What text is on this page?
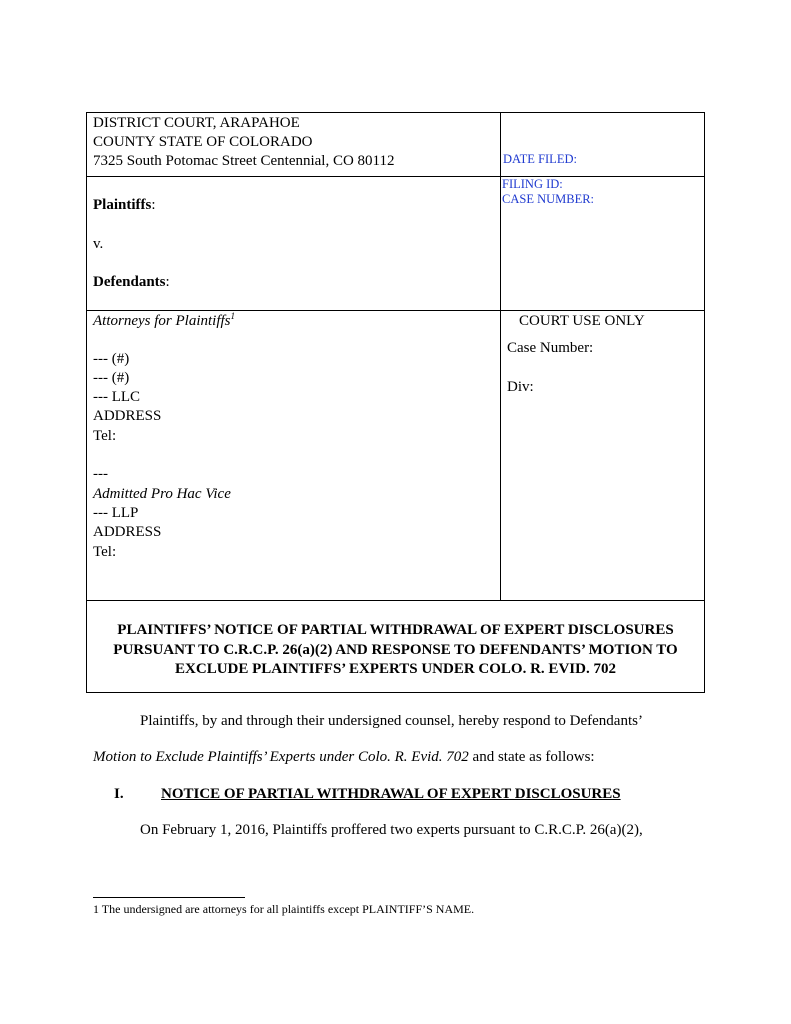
DISTRICT COURT, ARAPAHOE
COUNTY STATE OF COLORADO
7325 South Potomac Street Centennial, CO 80112	DATE FILED:
FILING ID:
CASE NUMBER:
Plaintiffs:
v.
Defendants:
Attorneys for Plaintiffs$^1$
--- (#)
--- (#)
--- LLC
ADDRESS
Tel:
---
Admitted Pro Hac Vice
--- LLP
ADDRESS
Tel:
COURT USE ONLY
Case Number:
Div:
PLAINTIFFS’ NOTICE OF PARTIAL WITHDRAWAL OF EXPERT DISCLOSURES
PURSUANT TO C.R.C.P. 26(a)(2) AND RESPONSE TO DEFENDANTS’ MOTION TO
EXCLUDE PLAINTIFFS’ EXPERTS UNDER COLO. R. EVID. 702
Plaintiffs, by and through their undersigned counsel, hereby respond to Defendants’
Motion to Exclude Plaintiffs’ Experts under Colo. R. Evid. 702 and state as follows:
I. NOTICE OF PARTIAL WITHDRAWAL OF EXPERT DISCLOSURES
On February 1, 2016, Plaintiffs proffered two experts pursuant to C.R.C.P. 26(a)(2),
1 The undersigned are attorneys for all plaintiffs except PLAINTIFF’S NAME.
